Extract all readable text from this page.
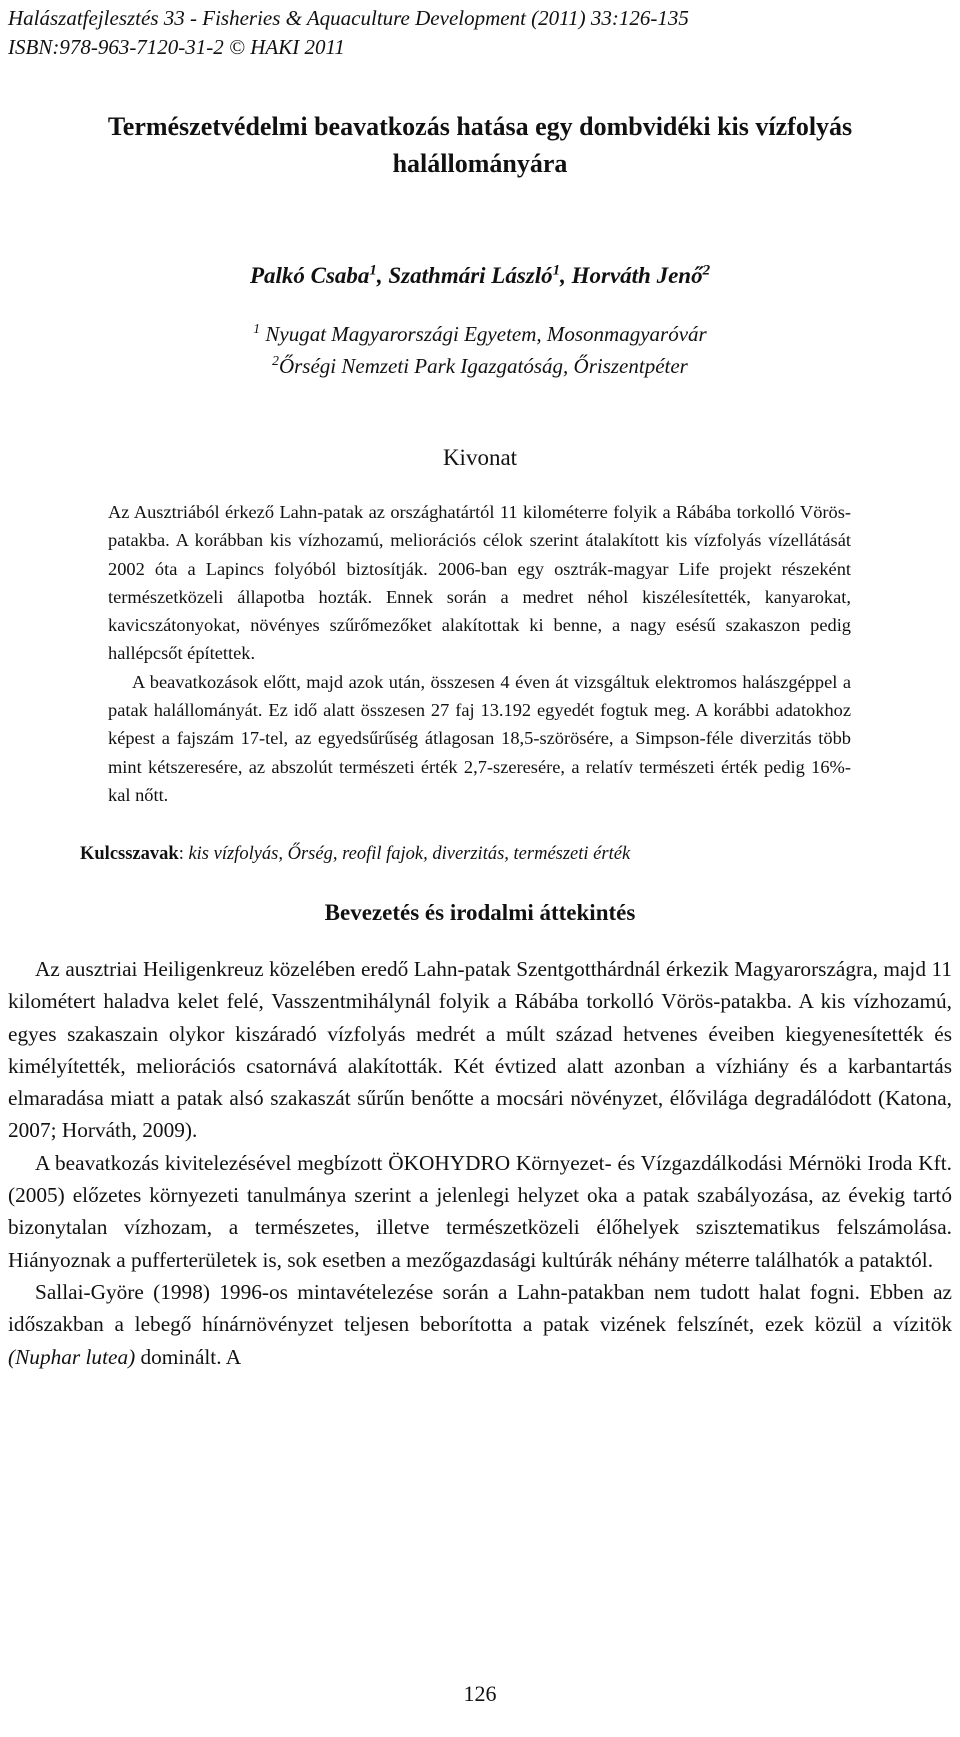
Halászatfejlesztés 33 - Fisheries & Aquaculture Development (2011) 33:126-135
ISBN:978-963-7120-31-2 © HAKI 2011
Természetvédelmi beavatkozás hatása egy dombvidéki kis vízfolyás
halállományára
Palkó Csaba$^1$, Szathmári László$^1$, Horváth Jenő$^2$

$^1$ Nyugat Magyarországi Egyetem, Mosonmagyaróvár

$^2$Őrségi Nemzeti Park Igazgatóság, Őriszentpéter

Kivonat

Az Ausztriából érkező Lahn-patak az országhatártól 11 kilométerre folyik a Rábába torkolló Vörös-patakba. A korábban kis vízhozamú, meliorációs célok szerint átalakított kis vízfolyás vízellátását 2002 óta a Lapincs folyóból biztosítják. 2006-ban egy osztrák-magyar Life projekt részeként természetközeli állapotba hozták. Ennek során a medret néhol kiszélesítették, kanyarokat, kavicszátonyokat, növényes szűrőmezőket alakítottak ki benne, a nagy esésű szakaszon pedig hallépcsőt építettek.

A beavatkozások előtt, majd azok után, összesen 4 éven át vizsgáltuk elektromos halászgéppel a patak halállományát. Ez idő alatt összesen 27 faj 13.192 egyedét fogtuk meg. A korábbi adatokhoz képest a fajszám 17-tel, az egyedsűrűség átlagosan 18,5-szörösére, a Simpson-féle diverzitás több mint kétszeresére, az abszolút természeti érték 2,7-szeresére, a relatív természeti érték pedig 16%-kal nőtt.

Kulcsszavak: kis vízfolyás, Őrség, reofil fajok, diverzitás, természeti érték
Bevezetés és irodalmi áttekintés

Az ausztriai Heiligenkreuz közelében eredő Lahn-patak Szentgotthárdnál érkezik Magyarországra, majd 11 kilométert haladva kelet felé, Vasszentmihálynál folyik a Rábába torkolló Vörös-patakba. A kis vízhozamú, egyes szakaszain olykor kiszáradó vízfolyás medrét a múlt század hetvenes éveiben kiegyenesítették és kimélyítették, meliorációs csatornává alakították. Két évtized alatt azonban a vízhiány és a karbantartás elmaradása miatt a patak alsó szakaszát sűrűn benőtte a mocsári növényzet, élővilága degradálódott (Katona, 2007; Horváth, 2009).

A beavatkozás kivitelezésével megbízott ÖKOHYDRO Környezet- és Vízgazdálkodási Mérnöki Iroda Kft. (2005) előzetes környezeti tanulmánya szerint a jelenlegi helyzet oka a patak szabályozása, az évekig tartó bizonytalan vízhozam, a természetes, illetve természetközeli élőhelyek szisztematikus felszámolása. Hiányoznak a pufferterületek is, sok esetben a mezőgazdasági kultúrák néhány méterre találhatók a pataktól.

Sallai-Györe (1998) 1996-os mintavételezése során a Lahn-patakban nem tudott halat fogni. Ebben az időszakban a lebegő hínárnövényzet teljesen beborította a patak vizének felszínét, ezek közül a vízitök (Nuphar lutea) dominált. A

126
